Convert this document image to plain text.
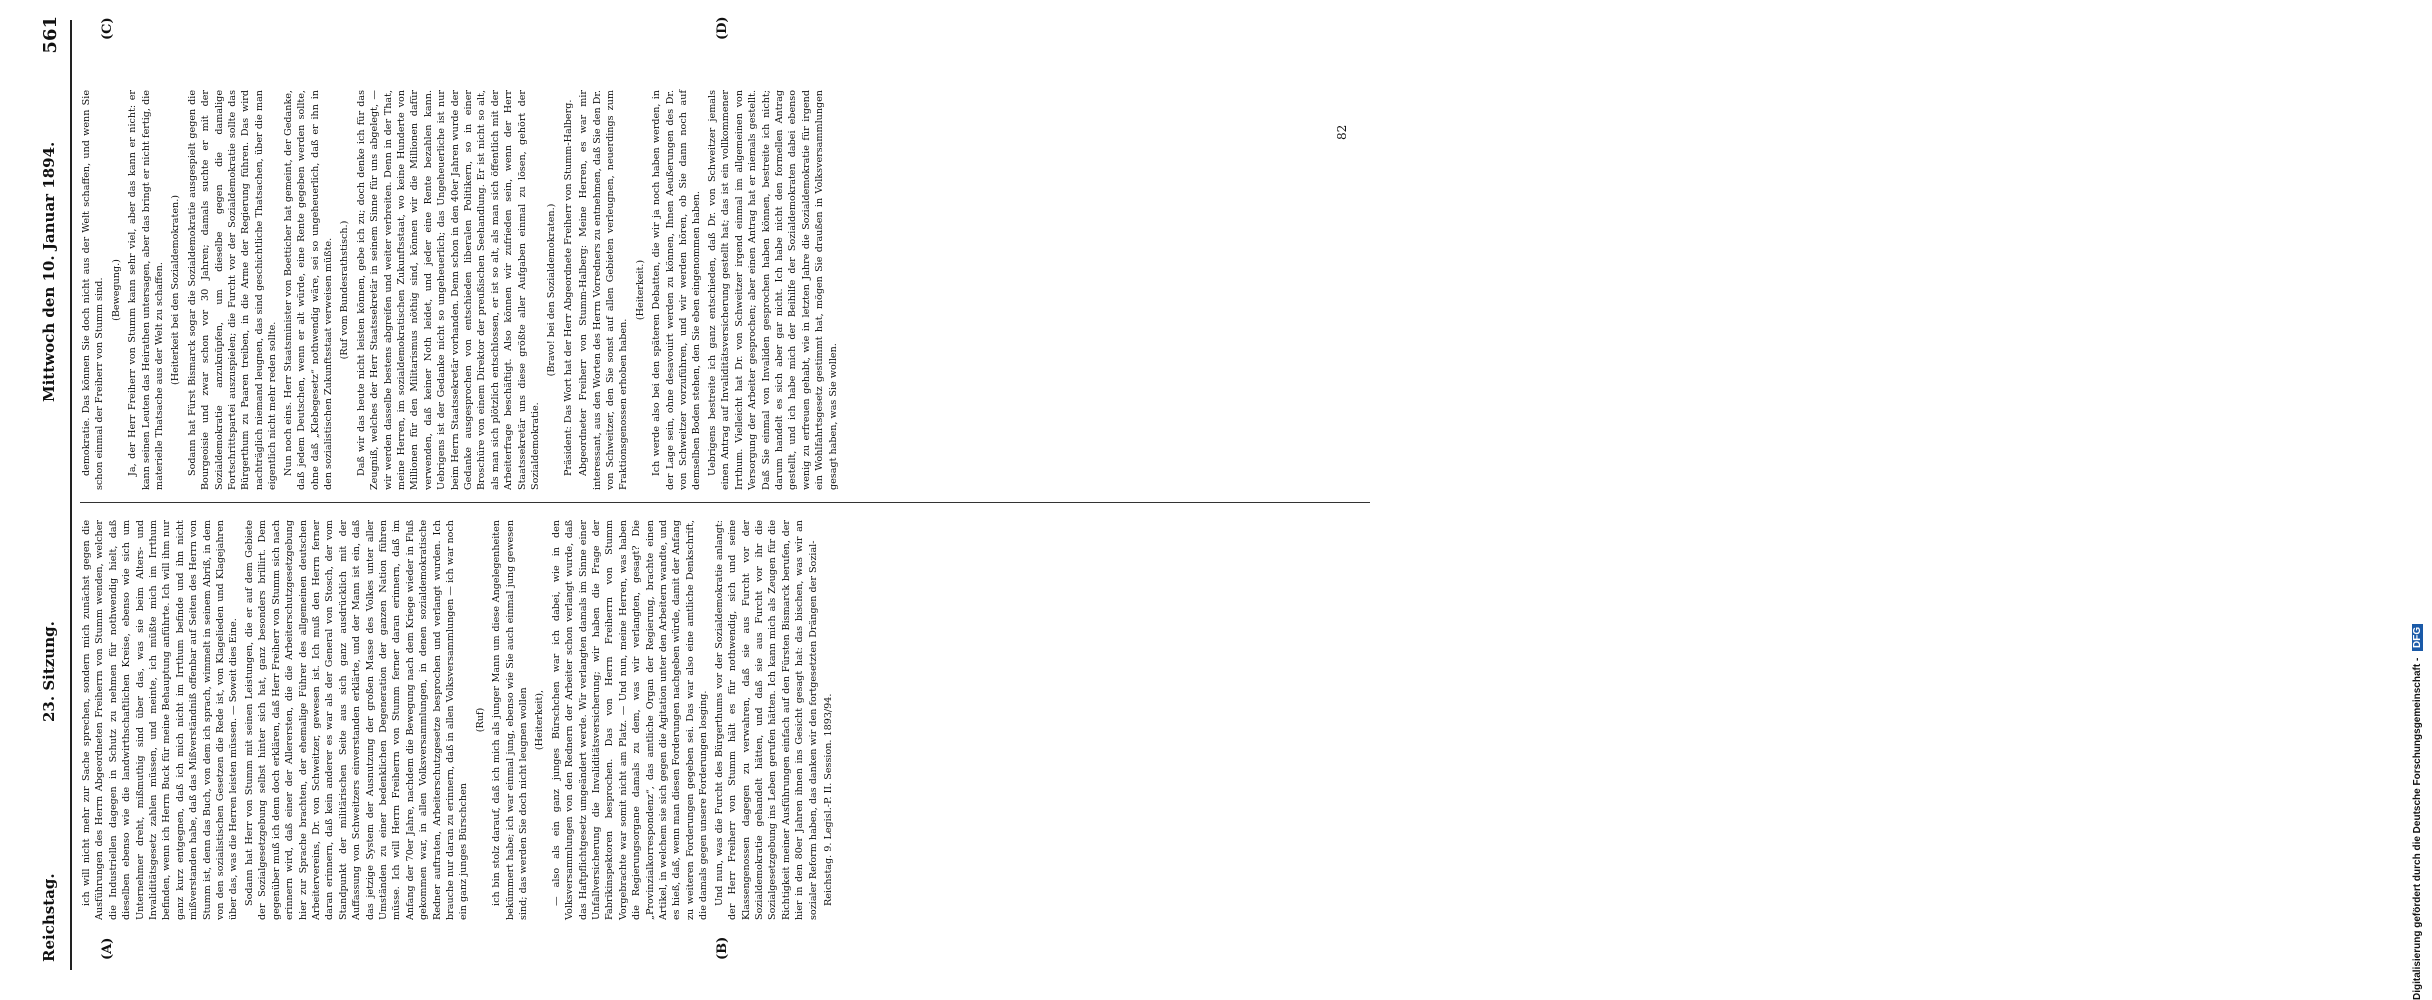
Reichstag.
23. Sitzung.
Mittwoch den 10. Januar 1894.
561
(A)	(B)
(C)	(D)

ich will nicht mehr zur Sache sprechen, sondern mich zunächst gegen die Ausführungen des Herrn Abgeordneten Freiherrn von Stumm wenden, welcher die Industriellen dagegen in Schutz zu nehmen für nothwendig hielt, daß dieselben ebenso wie die landwirthschaftlichen Kreise, ebenso wie sich um Unternehmer dreht, mißmuthig sind über das, was sie beim Alters- und Invaliditätsgesetz zahlen müssen, und meinte, ich müßte mich im Irrthum befinden, wenn ich Herrn Buck für meine Behauptung anführte. Ich will ihm nur ganz kurz entgegnen, daß ich mich nicht im Irrthum befinde und ihn nicht mißverstanden habe, daß das Mißverständniß offenbar auf Seiten des Herrn von Stumm ist, denn das Buch, von dem ich sprach, wimmelt in seinem Abriß, in dem von den sozialistischen Gesetzen die Rede ist, von Klagelieden und Klagejahren über das, was die Herren leisten müssen. — Soweit dies Eine. Sodann hat Herr von Stumm mit seinen Leistungen, die er auf dem Gebiete der Sozialgesetzgebung selbst hinter sich hat, ganz besonders brillirt. Dem gegenüber muß ich denn doch erklären, daß Herr Freiherr von Stumm sich nach erinnern wird, daß einer der Allerersten, die die Arbeiterschutzgesetzgebung hier zur Sprache brachten, der ehemalige Führer des allgemeinen deutschen Arbeitervereins, Dr. von Schweitzer, gewesen ist. Ich muß den Herrn ferner daran erinnern, daß kein anderer es war als der General von Stosch, der vom Standpunkt der militärischen Seite aus sich ganz ausdrücklich mit der Auffassung von Schweitzers einverstanden erklärte, und der Mann ist ein, daß das jetzige System der Ausnutzung der großen Masse des Volkes unter aller Umständen zu einer bedenklichen Degeneration der ganzen Nation führen müsse. Ich will Herrn Freiherrn von Stumm ferner daran erinnern, daß im Anfang der 70er Jahre, nachdem die Bewegung nach dem Kriege wieder in Fluß gekommen war, in allen Volksversammlungen, in denen sozialdemokratische Redner auftraten, Arbeiterschutzgesetze besprochen und verlangt wurden. Ich brauche nur daran zu erinnern, daß in allen Volksversammlungen — ich war noch ein ganz junges Bürschchen

(Ruf) ich bin stolz darauf, daß ich mich als junger Mann um diese Angelegenheiten bekümmert habe; ich war einmal jung, ebenso wie Sie auch einmal jung gewesen sind; das werden Sie doch nicht leugnen wollen (Heiterkeit), — also als ein ganz junges Bürschchen war ich dabei, wie in den Volksversammlungen von den Rednern der Arbeiter schon verlangt wurde, daß das Haftpflichtgesetz umgeändert werde. Wir verlangten damals im Sinne einer Unfallversicherung die Invaliditätsversicherung; wir haben die Frage der Fabrikinspektoren besprochen. Das von Herrn Freiherrn von Stumm Vorgebrachte war somit nicht am Platz. — Und nun, meine Herren, was haben die Regierungsorgane damals zu dem, was wir verlangten, gesagt? Die „Provinzialkorrespondenz“, das amtliche Organ der Regierung, brachte einen Artikel, in welchem sie sich gegen die Agitation unter den Arbeitern wandte, und es hieß, daß, wenn man diesen Forderungen nachgeben würde, damit der Anfang zu weiteren Forderungen gegeben sei. Das war also eine amtliche Denkschrift, die damals gegen unsere Forderungen losging. Und nun, was die Furcht des Bürgerthums vor der Sozialdemokratie anlangt: der Herr Freiherr von Stumm hält es für nothwendig, sich und seine Klassengenossen dagegen zu verwahren, daß sie aus Furcht vor der Sozialdemokratie gehandelt hätten, und daß sie aus Furcht vor ihr die Sozialgesetzgebung ins Leben gerufen hätten. Ich kann mich als Zeugen für die Richtigkeit meiner Ausführungen einfach auf den Fürsten Bismarck berufen, der hier in den 80er Jahren ihnen ins Gesicht gesagt hat: das bischen, was wir an sozialer Reform haben, das danken wir den fortgesetzten Drängen der Sozial- Reichstag. 9. Legisl.-P. II. Session. 1893/94.

demokratie. Das können Sie doch nicht aus der Welt schaffen, und wenn Sie schon einmal der Freiherr von Stumm sind. (Bewegung.) Ja, der Herr Freiherr von Stumm kann sehr viel, aber das kann er nicht: er kann seinen Leuten das Heirathen untersagen, aber das bringt er nicht fertig, die materielle Thatsache aus der Welt zu schaffen. (Heiterkeit bei den Sozialdemokraten.) Sodann hat Fürst Bismarck sogar die Sozialdemokratie ausgespielt gegen die Bourgeoisie und zwar schon vor 30 Jahren; damals suchte er mit der Sozialdemokratie anzuknüpfen, um dieselbe gegen die damalige Fortschrittspartei auszuspielen; die Furcht vor der Sozialdemokratie sollte das Bürgerthum zu Paaren treiben, in die Arme der Regierung führen. Das wird nachträglich niemand leugnen, das sind geschichtliche Thatsachen, über die man eigentlich nicht mehr reden sollte. Nun noch eins. Herr Staatsminister von Boetticher hat gemeint, der Gedanke, daß jedem Deutschen, wenn er alt würde, eine Rente gegeben werden sollte, ohne daß „Klebegesetz“ nothwendig wäre, sei so ungeheuerlich, daß er ihn in den sozialistischen Zukunftsstaat verweisen müßte. (Ruf vom Bundesrathstisch.) Daß wir das heute nicht leisten können, gebe ich zu; doch denke ich für das Zeugniß, welches der Herr Staatssekretär in seinem Sinne für uns abgelegt, — wir werden dasselbe bestens abgreifen und weiter verbreiten. Denn in der That, meine Herren, im sozialdemokratischen Zukunftsstaat, wo keine Hunderte von Millionen für den Militarismus nöthig sind, können wir die Millionen dafür verwenden, daß keiner Noth leidet, und jeder eine Rente bezahlen kann. Uebrigens ist der Gedanke nicht so ungeheuerlich; das Ungeheuerliche ist nur beim Herrn Staatssekretär vorhanden. Denn schon in den 40er Jahren wurde der Gedanke ausgesprochen von entschieden liberalen Politikern, so in einer Broschüre von einem Direktor der preußischen Seehandlung. Er ist nicht so alt, als man sich plötzlich entschlossen, er ist so alt, als man sich öffentlich mit der Arbeiterfrage beschäftigt. Also können wir zufrieden sein, wenn der Herr Staatssekretär uns diese größte aller Aufgaben einmal zu lösen, gehört der Sozialdemokratie.

(Bravo! bei den Sozialdemokraten.) Präsident: Das Wort hat der Herr Abgeordnete Freiherr von Stumm-Halberg. Abgeordneter Freiherr von Stumm-Halberg: Meine Herren, es war mir interessant, aus den Worten des Herrn Vorredners zu entnehmen, daß Sie den Dr. von Schweitzer, den Sie sonst auf allen Gebieten verleugnen, neuerdings zum Fraktionsgenossen erhoben haben.

(Heiterkeit.) Ich werde also bei den späteren Debatten, die wir ja noch haben werden, in der Lage sein, ohne desavouirt werden zu können, Ihnen Aeußerungen des Dr. von Schweitzer vorzuführen, und wir werden hören, ob Sie dann noch auf demselben Boden stehen, den Sie eben eingenommen haben. Uebrigens bestreite ich ganz entschieden, daß Dr. von Schweitzer jemals einen Antrag auf Invaliditätsversicherung gestellt hat; das ist ein vollkommener Irrthum. Vielleicht hat Dr. von Schweitzer irgend einmal im allgemeinen von Versorgung der Arbeiter gesprochen; aber einen Antrag hat er niemals gestellt. Daß Sie einmal von Invaliden gesprochen haben können, bestreite ich nicht; darum handelt es sich aber gar nicht. Ich habe nicht den formellen Antrag gestellt, und ich habe mich der Beihilfe der Sozialdemokraten dabei ebenso wenig zu erfreuen gehabt, wie in letzten Jahre die Sozialdemokratie für irgend ein Wohlfahrtsgesetz gestimmt hat, mögen Sie draußen in Volksversammlungen gesagt haben, was Sie wollen.

82
Digitalisierung gefördert durch die Deutsche Forschungsgemeinschaft - DFG
